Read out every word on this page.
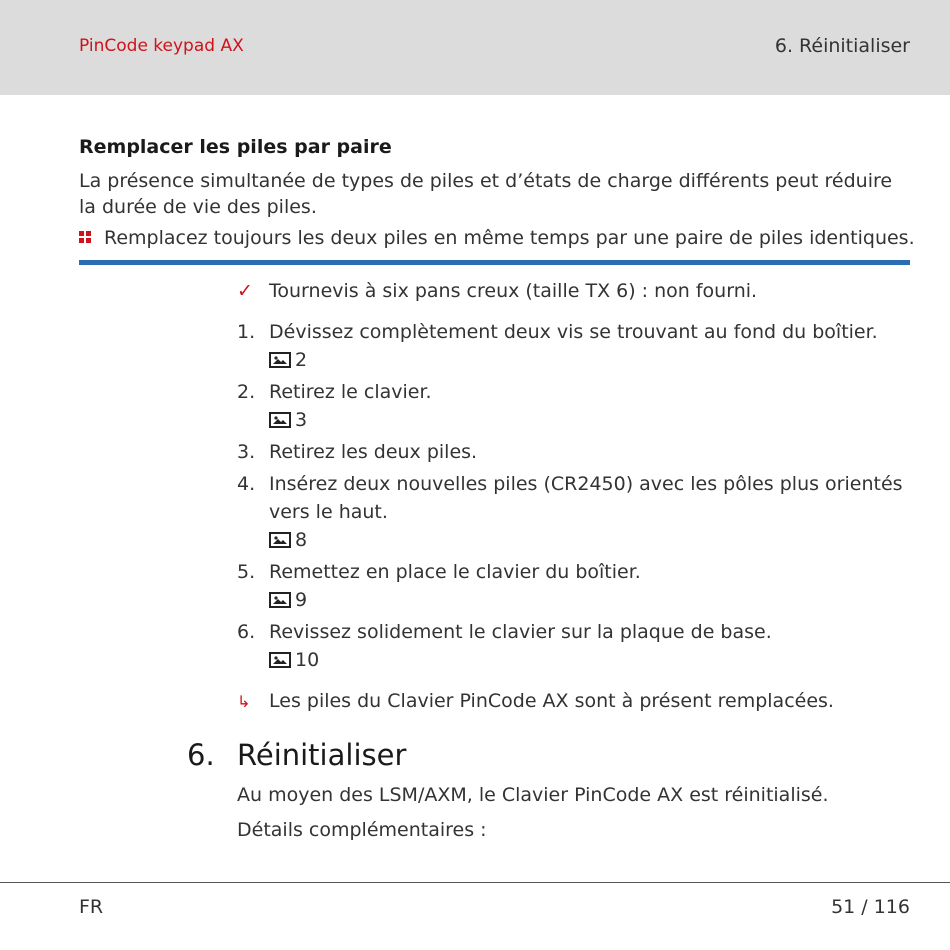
PinCode keypad AX	6. Réinitialiser
Remplacer les piles par paire
La présence simultanée de types de piles et d’états de charge différents peut réduire la durée de vie des piles.
Remplacez toujours les deux piles en même temps par une paire de piles identiques.
✓ Tournevis à six pans creux (taille TX 6) : non fourni.
1. Dévissez complètement deux vis se trouvant au fond du boîtier.
2
2. Retirez le clavier.
3
3. Retirez les deux piles.
4. Insérez deux nouvelles piles (CR2450) avec les pôles plus orientés vers le haut.
8
5. Remettez en place le clavier du boîtier.
9
6. Revissez solidement le clavier sur la plaque de base.
10
↳ Les piles du Clavier PinCode AX sont à présent remplacées.
6. Réinitialiser
Au moyen des LSM/AXM, le Clavier PinCode AX est réinitialisé.
Détails complémentaires :
FR	51 / 116
